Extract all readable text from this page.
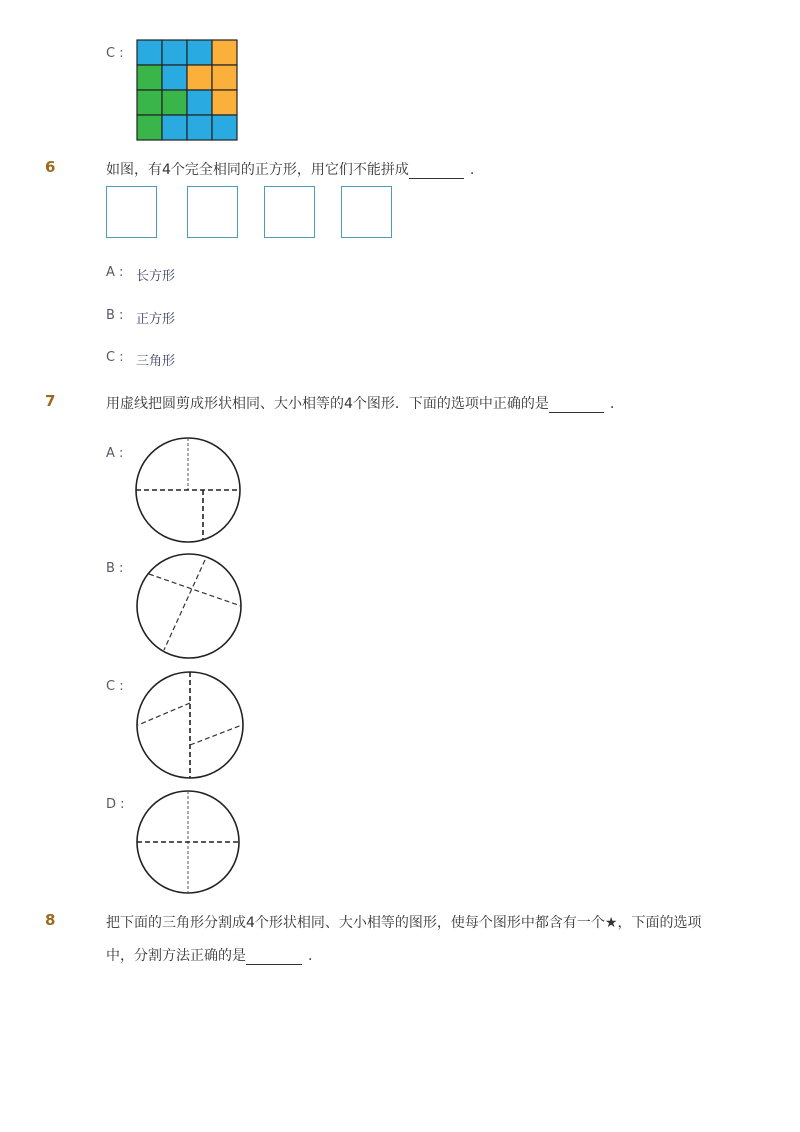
C :
6	如图，有4个完全相同的正方形，用它们不能拼成	.
A : 长方形
B : 正方形
C : 三角形
7	用虚线把圆剪成形状相同、大小相等的4个图形．下面的选项中正确的是	.
A :
B :
C :
D :
8	把下面的三角形分割成4个形状相同、大小相等的图形，使每个图形中都含有一个★，下面的选项
中，分割方法正确的是	.
